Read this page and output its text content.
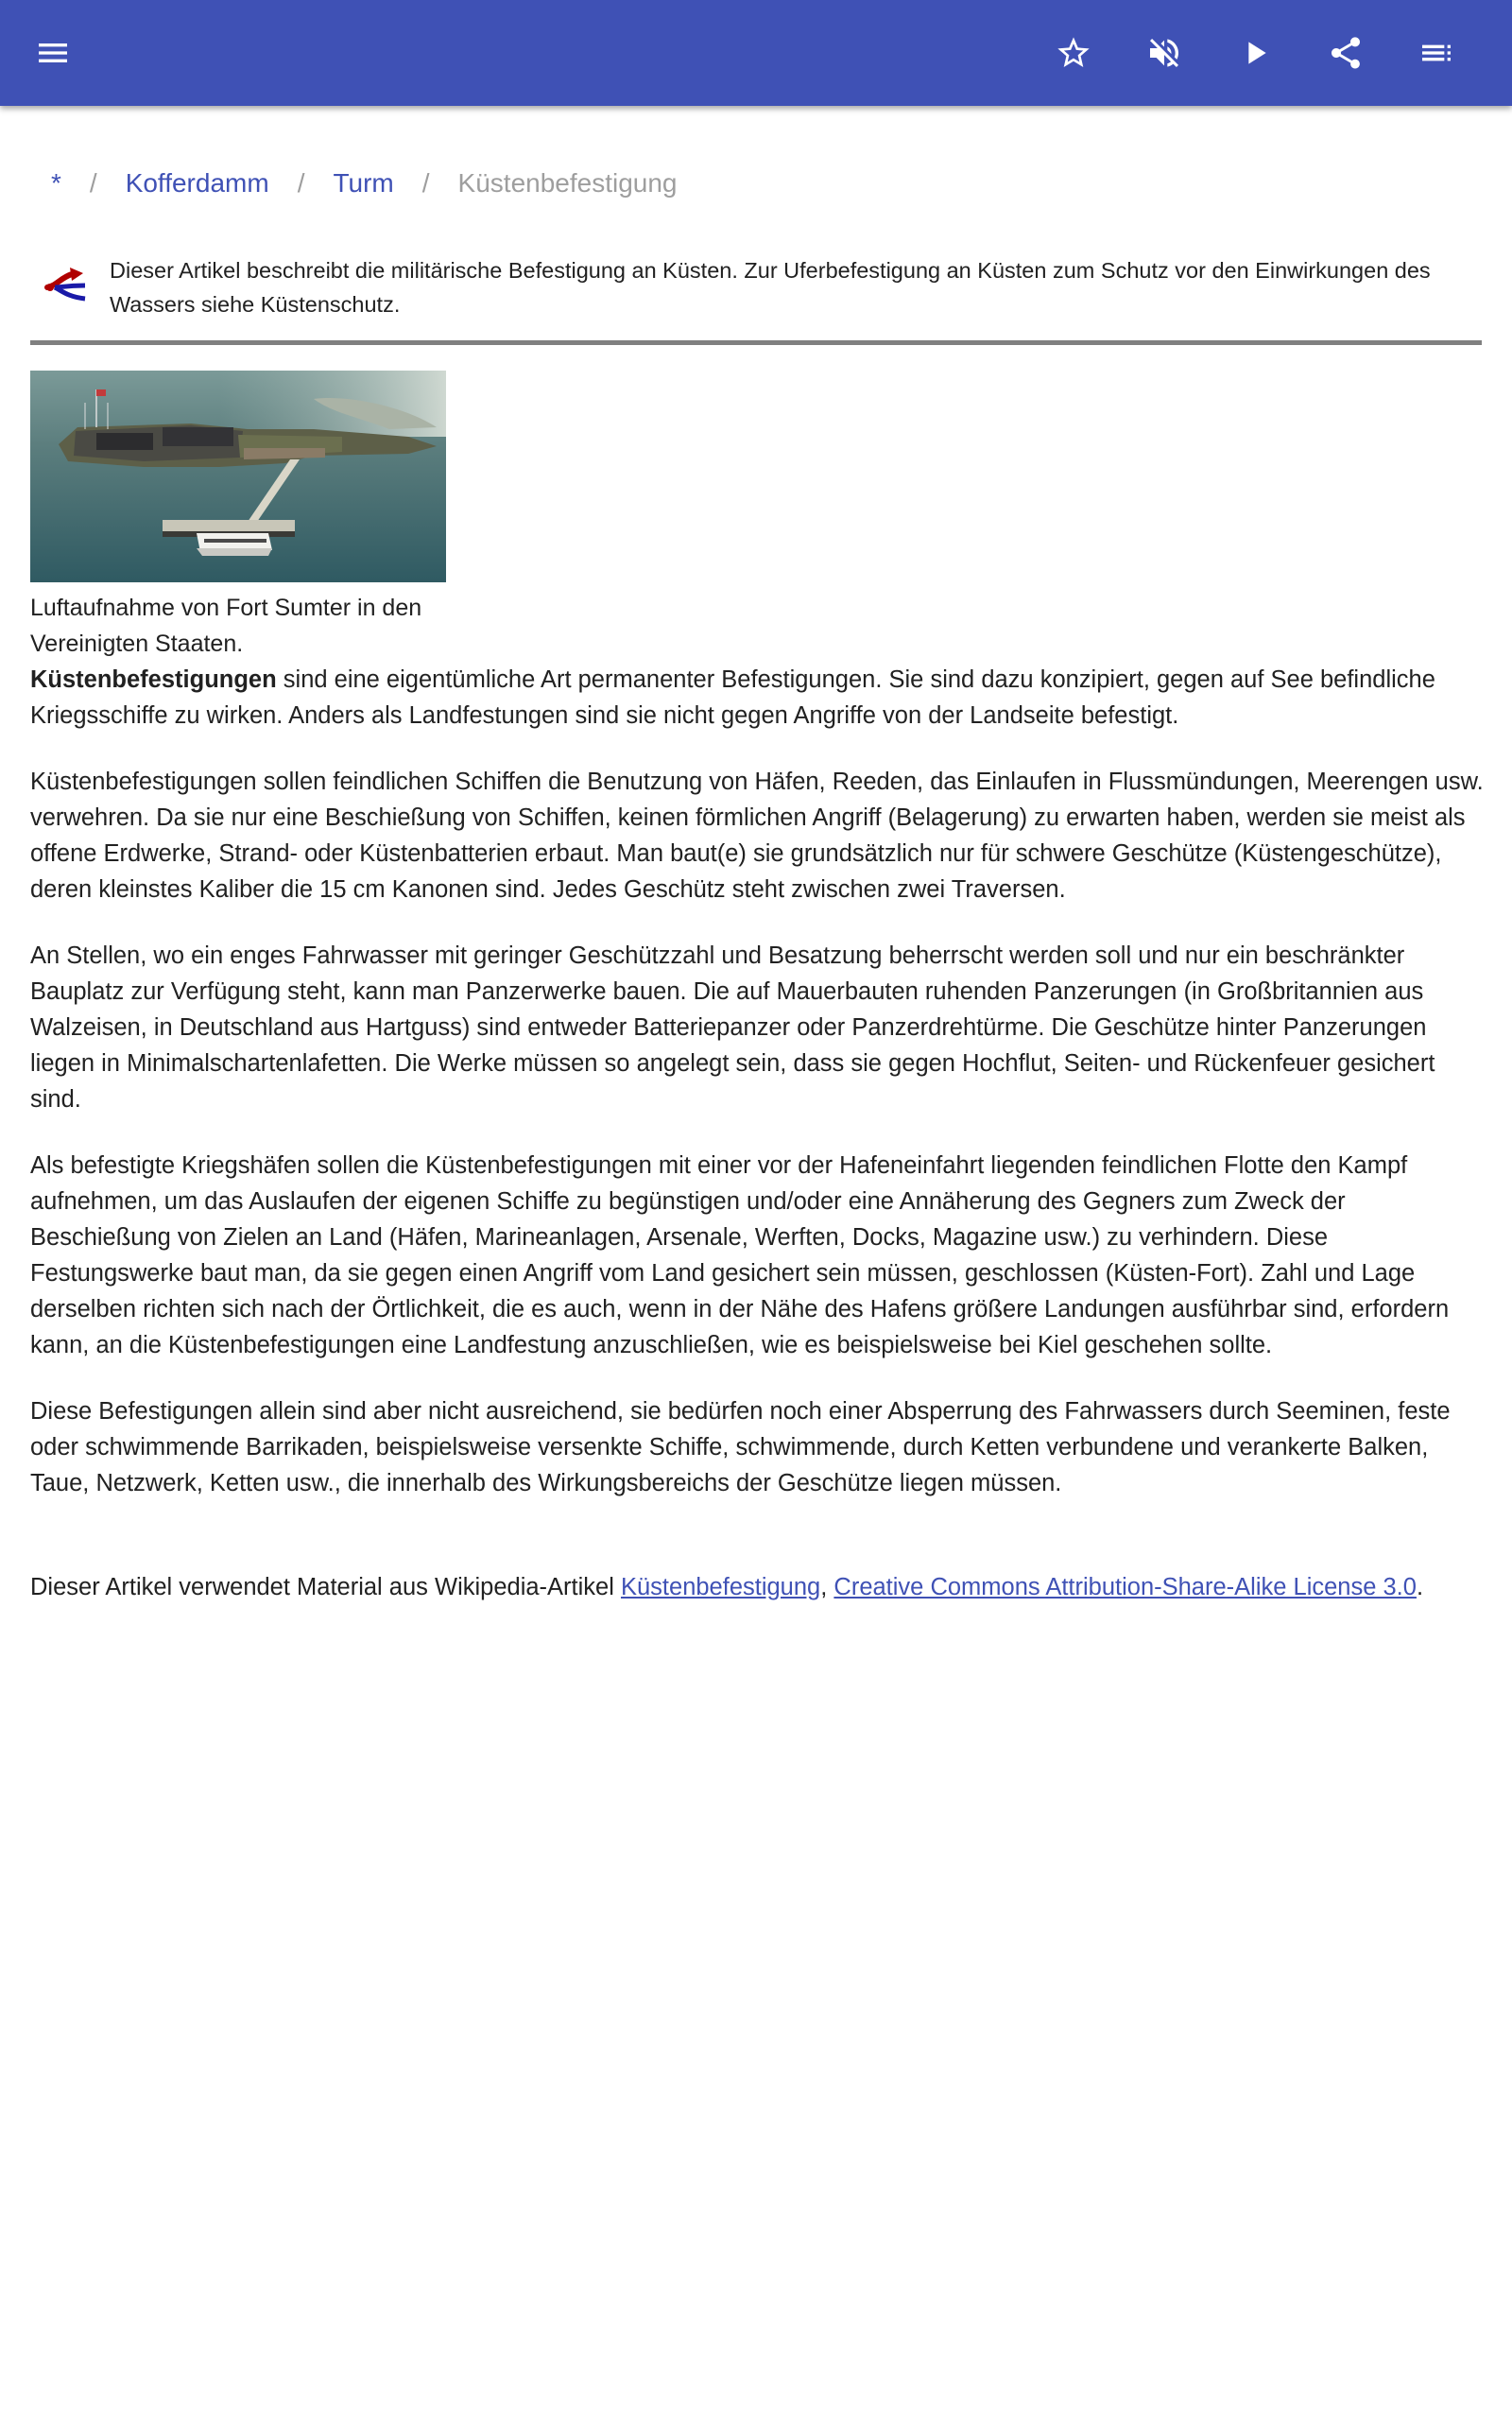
* / Kofferdamm / Turm / Küstenbefestigung
Dieser Artikel beschreibt die militärische Befestigung an Küsten. Zur Uferbefestigung an Küsten zum Schutz vor den Einwirkungen des Wassers siehe Küstenschutz.
Luftaufnahme von Fort Sumter in den Vereinigten Staaten.

Küstenbefestigungen sind eine eigentümliche Art permanenter Befestigungen. Sie sind dazu konzipiert, gegen auf See befindliche Kriegsschiffe zu wirken. Anders als Landfestungen sind sie nicht gegen Angriffe von der Landseite befestigt.

Küstenbefestigungen sollen feindlichen Schiffen die Benutzung von Häfen, Reeden, das Einlaufen in Flussmündungen, Meerengen usw. verwehren. Da sie nur eine Beschießung von Schiffen, keinen förmlichen Angriff (Belagerung) zu erwarten haben, werden sie meist als offene Erdwerke, Strand- oder Küstenbatterien erbaut. Man baut(e) sie grundsätzlich nur für schwere Geschütze (Küstengeschütze), deren kleinstes Kaliber die 15 cm Kanonen sind. Jedes Geschütz steht zwischen zwei Traversen.

An Stellen, wo ein enges Fahrwasser mit geringer Geschützzahl und Besatzung beherrscht werden soll und nur ein beschränkter Bauplatz zur Verfügung steht, kann man Panzerwerke bauen. Die auf Mauerbauten ruhenden Panzerungen (in Großbritannien aus Walzeisen, in Deutschland aus Hartguss) sind entweder Batteriepanzer oder Panzerdrehtürme. Die Geschütze hinter Panzerungen liegen in Minimalschartenlafetten. Die Werke müssen so angelegt sein, dass sie gegen Hochflut, Seiten- und Rückenfeuer gesichert sind.

Als befestigte Kriegshäfen sollen die Küstenbefestigungen mit einer vor der Hafeneinfahrt liegenden feindlichen Flotte den Kampf aufnehmen, um das Auslaufen der eigenen Schiffe zu begünstigen und/oder eine Annäherung des Gegners zum Zweck der Beschießung von Zielen an Land (Häfen, Marineanlagen, Arsenale, Werften, Docks, Magazine usw.) zu verhindern. Diese Festungswerke baut man, da sie gegen einen Angriff vom Land gesichert sein müssen, geschlossen (Küsten-Fort). Zahl und Lage derselben richten sich nach der Örtlichkeit, die es auch, wenn in der Nähe des Hafens größere Landungen ausführbar sind, erfordern kann, an die Küstenbefestigungen eine Landfestung anzuschließen, wie es beispielsweise bei Kiel geschehen sollte.

Diese Befestigungen allein sind aber nicht ausreichend, sie bedürfen noch einer Absperrung des Fahrwassers durch Seeminen, feste oder schwimmende Barrikaden, beispielsweise versenkte Schiffe, schwimmende, durch Ketten verbundene und verankerte Balken, Taue, Netzwerk, Ketten usw., die innerhalb des Wirkungsbereichs der Geschütze liegen müssen.

Dieser Artikel verwendet Material aus Wikipedia-Artikel Küstenbefestigung, Creative Commons Attribution-Share-Alike License 3.0.
